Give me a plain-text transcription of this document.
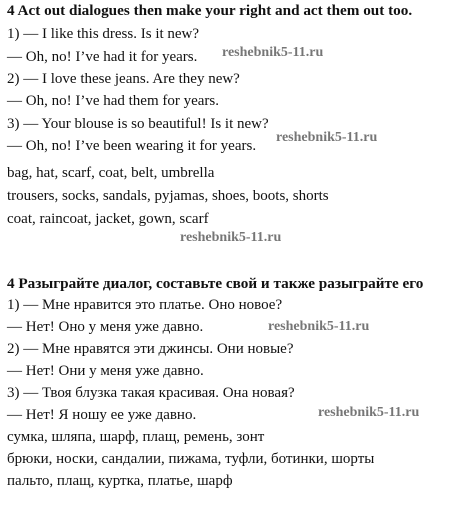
4 Act out dialogues then make your right and act them out too.
1) — I like this dress. Is it new?
— Oh, no! I’ve had it for years.
2) — I love these jeans. Are they new?
— Oh, no! I’ve had them for years.
3) — Your blouse is so beautiful! Is it new?
— Oh, no! I’ve been wearing it for years.
bag, hat, scarf, coat, belt, umbrella
trousers, socks, sandals, pyjamas, shoes, boots, shorts
coat, raincoat, jacket, gown, scarf
4 Разыграйте диалог, составьте свой и также разыграйте его
1) — Мне нравится это платье. Оно новое?
— Нет! Оно у меня уже давно.
2) — Мне нравятся эти джинсы. Они новые?
— Нет! Они у меня уже давно.
3) — Твоя блузка такая красивая. Она новая?
— Нет! Я ношу ее уже давно.
сумка, шляпа, шарф, плащ, ремень, зонт
брюки, носки, сандалии, пижама, туфли, ботинки, шорты
пальто, плащ, куртка, платье, шарф
reshebnik5-11.ru
reshebnik5-11.ru
reshebnik5-11.ru
reshebnik5-11.ru
reshebnik5-11.ru
